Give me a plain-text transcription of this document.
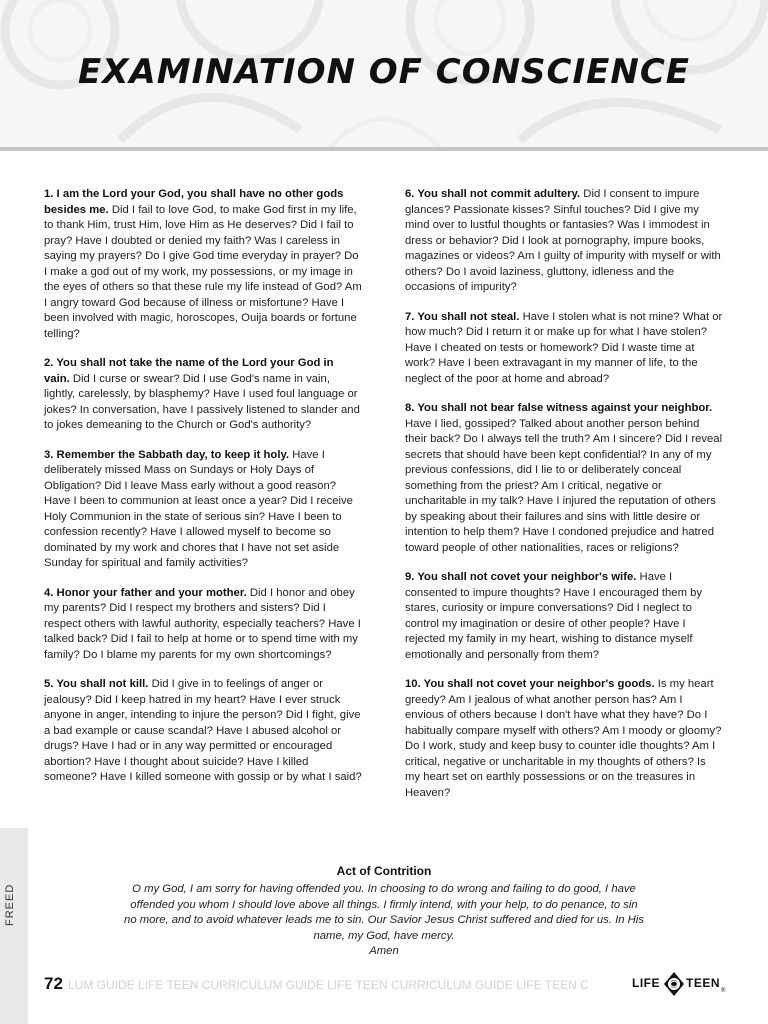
EXAMINATION OF CONSCIENCE

1. I am the Lord your God, you shall have no other gods besides me. Did I fail to love God, to make God first in my life, to thank Him, trust Him, love Him as He deserves? Did I fail to pray? Have I doubted or denied my faith? Was I careless in saying my prayers? Do I give God time everyday in prayer? Do I make a god out of my work, my possessions, or my image in the eyes of others so that these rule my life instead of God? Am I angry toward God because of illness or misfortune? Have I been involved with magic, horoscopes, Ouija boards or fortune telling?

2. You shall not take the name of the Lord your God in vain. Did I curse or swear? Did I use God's name in vain, lightly, carelessly, by blasphemy? Have I used foul language or jokes? In conversation, have I passively listened to slander and to jokes demeaning to the Church or God's authority?

3. Remember the Sabbath day, to keep it holy. Have I deliberately missed Mass on Sundays or Holy Days of Obligation? Did I leave Mass early without a good reason? Have I been to communion at least once a year? Did I receive Holy Communion in the state of serious sin? Have I been to confession recently? Have I allowed myself to become so dominated by my work and chores that I have not set aside Sunday for spiritual and family activities?

4. Honor your father and your mother. Did I honor and obey my parents? Did I respect my brothers and sisters? Did I respect others with lawful authority, especially teachers? Have I talked back? Did I fail to help at home or to spend time with my family? Do I blame my parents for my own shortcomings?

5. You shall not kill. Did I give in to feelings of anger or jealousy? Did I keep hatred in my heart? Have I ever struck anyone in anger, intending to injure the person? Did I fight, give a bad example or cause scandal? Have I abused alcohol or drugs? Have I had or in any way permitted or encouraged abortion? Have I thought about suicide? Have I killed someone? Have I killed someone with gossip or by what I said?

6. You shall not commit adultery. Did I consent to impure glances? Passionate kisses? Sinful touches? Did I give my mind over to lustful thoughts or fantasies? Was I immodest in dress or behavior? Did I look at pornography, impure books, magazines or videos? Am I guilty of impurity with myself or with others? Do I avoid laziness, gluttony, idleness and the occasions of impurity?

7. You shall not steal. Have I stolen what is not mine? What or how much? Did I return it or make up for what I have stolen? Have I cheated on tests or homework? Did I waste time at work? Have I been extravagant in my manner of life, to the neglect of the poor at home and abroad?

8. You shall not bear false witness against your neighbor. Have I lied, gossiped? Talked about another person behind their back? Do I always tell the truth? Am I sincere? Did I reveal secrets that should have been kept confidential? In any of my previous confessions, did I lie to or deliberately conceal something from the priest? Am I critical, negative or uncharitable in my talk? Have I injured the reputation of others by speaking about their failures and sins with little desire or intention to help them? Have I condoned prejudice and hatred toward people of other nationalities, races or religions?

9. You shall not covet your neighbor's wife. Have I consented to impure thoughts? Have I encouraged them by stares, curiosity or impure conversations? Did I neglect to control my imagination or desire of other people? Have I rejected my family in my heart, wishing to distance myself emotionally and personally from them?

10. You shall not covet your neighbor's goods. Is my heart greedy? Am I jealous of what another person has? Am I envious of others because I don't have what they have? Do I habitually compare myself with others? Am I moody or gloomy? Do I work, study and keep busy to counter idle thoughts? Am I critical, negative or uncharitable in my thoughts of others? Is my heart set on earthly possessions or on the treasures in Heaven?

Act of Contrition
O my God, I am sorry for having offended you. In choosing to do wrong and failing to do good, I have offended you whom I should love above all things. I firmly intend, with your help, to do penance, to sin no more, and to avoid whatever leads me to sin. Our Savior Jesus Christ suffered and died for us. In His name, my God, have mercy.
Amen
FREED
72 LUM GUIDE LIFE TEEN CURRICULUM GUIDE LIFE TEEN CURRICULUM GUIDE LIFE TEEN C	LIFE TEEN
®
